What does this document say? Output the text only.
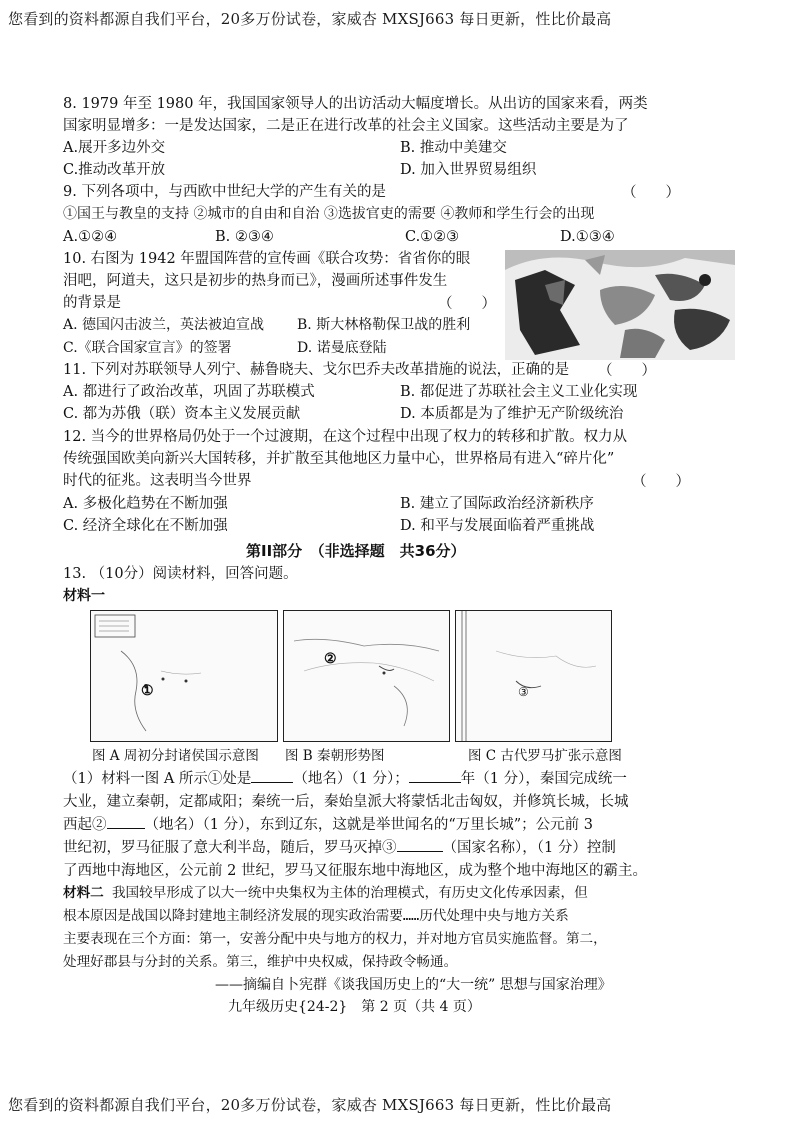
您看到的资料都源自我们平台，20多万份试卷，家威杏 MXSJ663 每日更新，性比价最高
8. 1979 年至 1980 年，我国国家领导人的出访活动大幅度增长。从出访的国家来看，两类
国家明显增多：一是发达国家，二是正在进行改革的社会主义国家。这些活动主要是为了
A.展开多边外交	B. 推动中美建交
C.推动改革开放	D. 加入世界贸易组织
9. 下列各项中，与西欧中世纪大学的产生有关的是	（　　）
①国王与教皇的支持 ②城市的自由和自治 ③选拔官吏的需要 ④教师和学生行会的出现
A.①②④	B. ②③④	C.①②③	D.①③④
10. 右图为 1942 年盟国阵营的宣传画《联合攻势：省省你的眼
泪吧，阿道夫，这只是初步的热身而已》，漫画所述事件发生
的背景是	（　　）
A. 德国闪击波兰，英法被迫宣战 B. 斯大林格勒保卫战的胜利
C.《联合国家宣言》的签署	D. 诺曼底登陆
11. 下列对苏联领导人列宁、赫鲁晓夫、戈尔巴乔夫改革措施的说法，正确的是 （　　）
A. 都进行了政治改革，巩固了苏联模式	B. 都促进了苏联社会主义工业化实现
C. 都为苏俄（联）资本主义发展贡献	D. 本质都是为了维护无产阶级统治
12. 当今的世界格局仍处于一个过渡期，在这个过程中出现了权力的转移和扩散。权力从
传统强国欧美向新兴大国转移，并扩散至其他地区力量中心，世界格局有进入“碎片化”
时代的征兆。这表明当今世界	（　　）
A. 多极化趋势在不断加强	B. 建立了国际政治经济新秩序
C. 经济全球化在不断加强	D. 和平与发展面临着严重挑战
第II部分　（非选择题　共36分）
13. （10分）阅读材料，回答问题。
材料一
①
②
③
图 A 周初分封诸侯国示意图 图 B 秦朝形势图	图 C 古代罗马扩张示意图
（1）材料一图 A 所示①处是	（地名）（1 分）；	年（1 分），秦国完成统一
大业，建立秦朝，定都咸阳；秦统一后，秦始皇派大将蒙恬北击匈奴，并修筑长城，长城
西起②	（地名）（1 分），东到辽东，这就是举世闻名的“万里长城”；公元前 3
世纪初，罗马征服了意大利半岛，随后，罗马灭掉③	（国家名称），（1 分）控制
了西地中海地区，公元前 2 世纪，罗马又征服东地中海地区，成为整个地中海地区的霸主。
材料二  我国较早形成了以大一统中央集权为主体的治理模式，有历史文化传承因素，但
根本原因是战国以降封建地主制经济发展的现实政治需要……历代处理中央与地方关系
主要表现在三个方面：第一，安善分配中央与地方的权力，并对地方官员实施监督。第二，
处理好郡县与分封的关系。第三，维护中央权威，保持政令畅通。
——摘编自卜宪群《谈我国历史上的“大一统” 思想与国家治理》
九年级历史{24-2}　第 2 页（共 4 页）
您看到的资料都源自我们平台，20多万份试卷，家威杏 MXSJ663 每日更新，性比价最高
